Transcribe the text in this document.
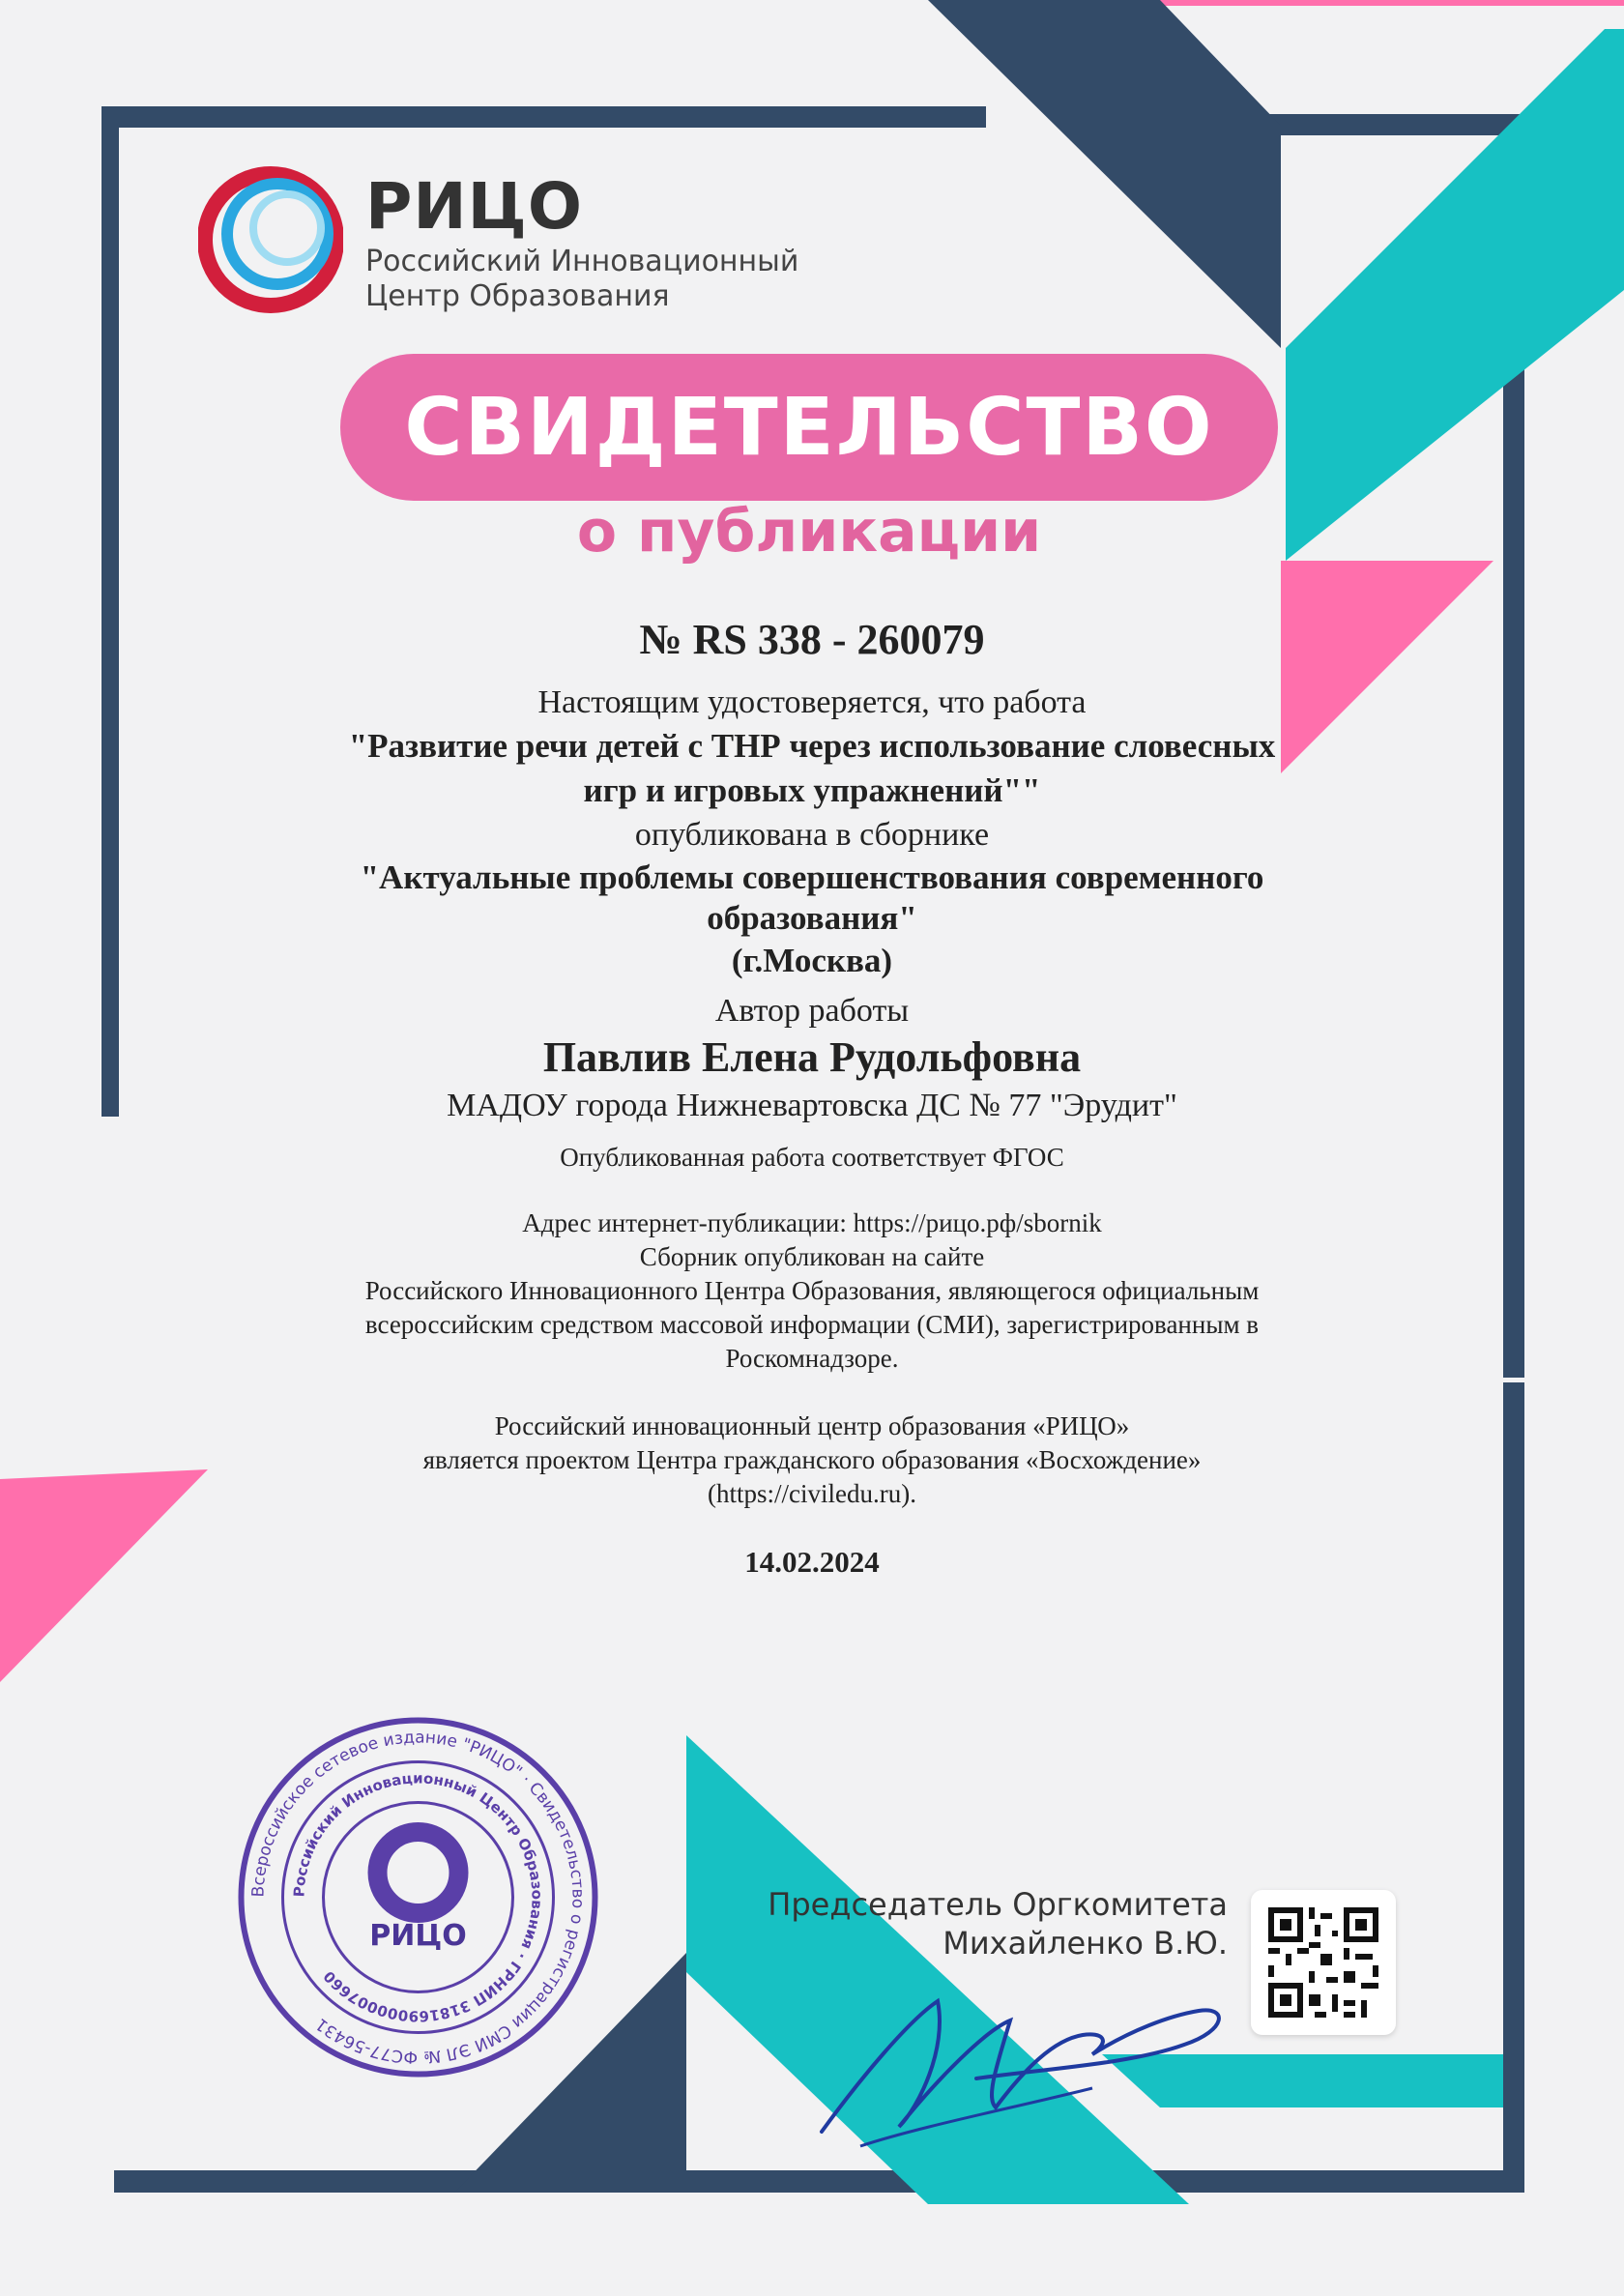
РИЦО
Российский Инновационный
Центр Образования
СВИДЕТЕЛЬСТВО
о публикации
№ RS 338 - 260079
Настоящим удостоверяется, что работа
"Развитие речи детей с ТНР через использование словесных
игр и игровых упражнений""
опубликована в сборнике
"Актуальные проблемы совершенствования современного
образования"
(г.Москва)
Автор работы
Павлив Елена Рудольфовна
МАДОУ города Нижневартовска ДС № 77 "Эрудит"
Опубликованная работа соответствует ФГОС
Адрес интернет-публикации: https://рицо.рф/sbornik
Сборник опубликован на сайте
Российского Инновационного Центра Образования, являющегося официальным
всероссийским средством массовой информации (СМИ), зарегистрированным в
Роскомнадзоре.
Российский инновационный центр образования «РИЦО»
является проектом Центра гражданского образования «Восхождение»
(https://civiledu.ru).
14.02.2024
Всероссийское сетевое издание "РИЦО" · Свидетельство о регистрации СМИ ЭЛ № ФС77-56431
Российский Инновационный Центр Образования · ГРНИП 318169000007660
РИЦО
Председатель Оргкомитета
Михайленко В.Ю.
